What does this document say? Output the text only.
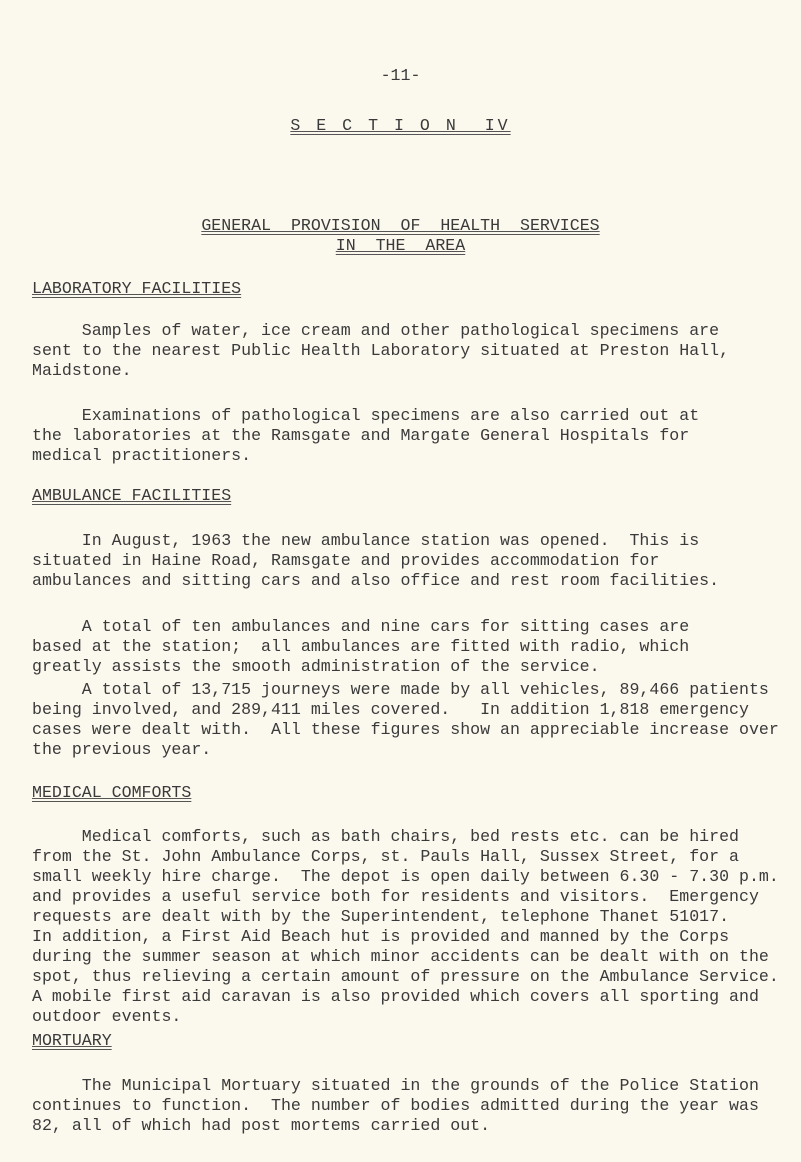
-11-
S E C T I O N  IV
GENERAL  PROVISION  OF  HEALTH  SERVICES
IN  THE  AREA
LABORATORY FACILITIES
Samples of water, ice cream and other pathological specimens are
sent to the nearest Public Health Laboratory situated at Preston Hall,
Maidstone.
Examinations of pathological specimens are also carried out at
the laboratories at the Ramsgate and Margate General Hospitals for
medical practitioners.
AMBULANCE FACILITIES
In August, 1963 the new ambulance station was opened.  This is
situated in Haine Road, Ramsgate and provides accommodation for
ambulances and sitting cars and also office and rest room facilities.
A total of ten ambulances and nine cars for sitting cases are
based at the station;  all ambulances are fitted with radio, which
greatly assists the smooth administration of the service.
A total of 13,715 journeys were made by all vehicles, 89,466 patients
being involved, and 289,411 miles covered.   In addition 1,818 emergency
cases were dealt with.  All these figures show an appreciable increase over
the previous year.
MEDICAL COMFORTS
Medical comforts, such as bath chairs, bed rests etc. can be hired
from the St. John Ambulance Corps, st. Pauls Hall, Sussex Street, for a
small weekly hire charge.  The depot is open daily between 6.30 - 7.30 p.m.
and provides a useful service both for residents and visitors.  Emergency
requests are dealt with by the Superintendent, telephone Thanet 51017.
In addition, a First Aid Beach hut is provided and manned by the Corps
during the summer season at which minor accidents can be dealt with on the
spot, thus relieving a certain amount of pressure on the Ambulance Service.
A mobile first aid caravan is also provided which covers all sporting and
outdoor events.
MORTUARY
The Municipal Mortuary situated in the grounds of the Police Station
continues to function.  The number of bodies admitted during the year was
82, all of which had post mortems carried out.
